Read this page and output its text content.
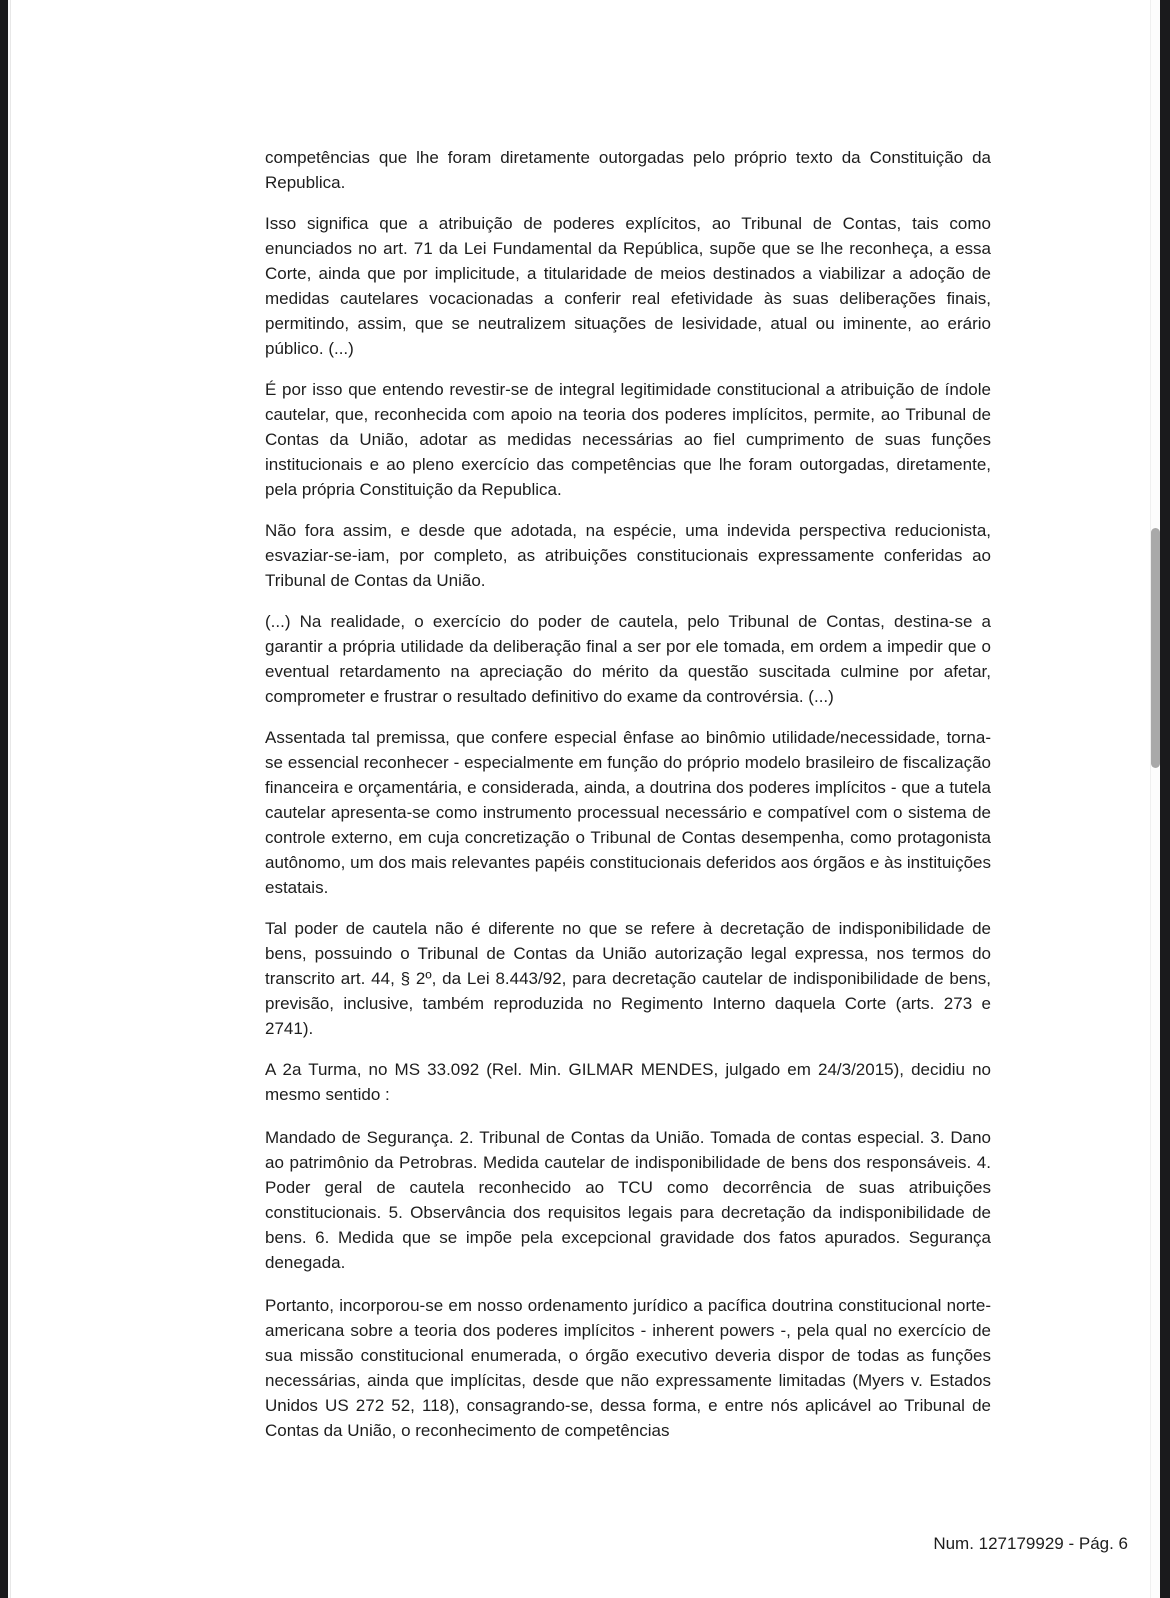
competências que lhe foram diretamente outorgadas pelo próprio texto da Constituição da Republica.

Isso significa que a atribuição de poderes explícitos, ao Tribunal de Contas, tais como enunciados no art. 71 da Lei Fundamental da República, supõe que se lhe reconheça, a essa Corte, ainda que por implicitude, a titularidade de meios destinados a viabilizar a adoção de medidas cautelares vocacionadas a conferir real efetividade às suas deliberações finais, permitindo, assim, que se neutralizem situações de lesividade, atual ou iminente, ao erário público. (...)

É por isso que entendo revestir-se de integral legitimidade constitucional a atribuição de índole cautelar, que, reconhecida com apoio na teoria dos poderes implícitos, permite, ao Tribunal de Contas da União, adotar as medidas necessárias ao fiel cumprimento de suas funções institucionais e ao pleno exercício das competências que lhe foram outorgadas, diretamente, pela própria Constituição da Republica.

Não fora assim, e desde que adotada, na espécie, uma indevida perspectiva reducionista, esvaziar-se-iam, por completo, as atribuições constitucionais expressamente conferidas ao Tribunal de Contas da União.

(...) Na realidade, o exercício do poder de cautela, pelo Tribunal de Contas, destina-se a garantir a própria utilidade da deliberação final a ser por ele tomada, em ordem a impedir que o eventual retardamento na apreciação do mérito da questão suscitada culmine por afetar, comprometer e frustrar o resultado definitivo do exame da controvérsia. (...)

Assentada tal premissa, que confere especial ênfase ao binômio utilidade/necessidade, torna-se essencial reconhecer - especialmente em função do próprio modelo brasileiro de fiscalização financeira e orçamentária, e considerada, ainda, a doutrina dos poderes implícitos - que a tutela cautelar apresenta-se como instrumento processual necessário e compatível com o sistema de controle externo, em cuja concretização o Tribunal de Contas desempenha, como protagonista autônomo, um dos mais relevantes papéis constitucionais deferidos aos órgãos e às instituições estatais.

Tal poder de cautela não é diferente no que se refere à decretação de indisponibilidade de bens, possuindo o Tribunal de Contas da União autorização legal expressa, nos termos do transcrito art. 44, § 2º, da Lei 8.443/92, para decretação cautelar de indisponibilidade de bens, previsão, inclusive, também reproduzida no Regimento Interno daquela Corte (arts. 273 e 2741).

A 2a Turma, no MS 33.092 (Rel. Min. GILMAR MENDES, julgado em 24/3/2015), decidiu no mesmo sentido :

Mandado de Segurança. 2. Tribunal de Contas da União. Tomada de contas especial. 3. Dano ao patrimônio da Petrobras. Medida cautelar de indisponibilidade de bens dos responsáveis. 4. Poder geral de cautela reconhecido ao TCU como decorrência de suas atribuições constitucionais. 5. Observância dos requisitos legais para decretação da indisponibilidade de bens. 6. Medida que se impõe pela excepcional gravidade dos fatos apurados. Segurança denegada.

Portanto, incorporou-se em nosso ordenamento jurídico a pacífica doutrina constitucional norte-americana sobre a teoria dos poderes implícitos - inherent powers -, pela qual no exercício de sua missão constitucional enumerada, o órgão executivo deveria dispor de todas as funções necessárias, ainda que implícitas, desde que não expressamente limitadas (Myers v. Estados Unidos US 272 52, 118), consagrando-se, dessa forma, e entre nós aplicável ao Tribunal de Contas da União, o reconhecimento de competências

Num. 127179929 - Pág. 6
